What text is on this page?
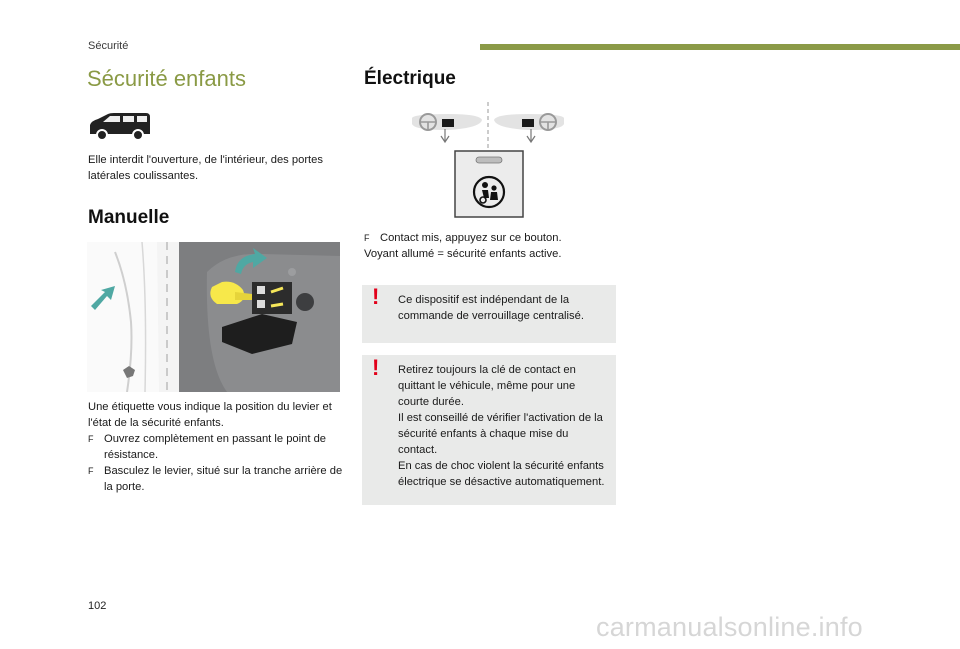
Sécurité
Sécurité enfants
Elle interdit l'ouverture, de l'intérieur, des portes latérales coulissantes.
Manuelle
Une étiquette vous indique la position du levier et l'état de la sécurité enfants.
F Ouvrez complètement en passant le point de résistance.
F Basculez le levier, situé sur la tranche arrière de la porte.
Électrique
F Contact mis, appuyez sur ce bouton.
Voyant allumé = sécurité enfants active.
! Ce dispositif est indépendant de la commande de verrouillage centralisé.
! Retirez toujours la clé de contact en quittant le véhicule, même pour une courte durée.
Il est conseillé de vérifier l'activation de la sécurité enfants à chaque mise du contact.
En cas de choc violent la sécurité enfants électrique se désactive automatiquement.
102
carmanualsonline.info
